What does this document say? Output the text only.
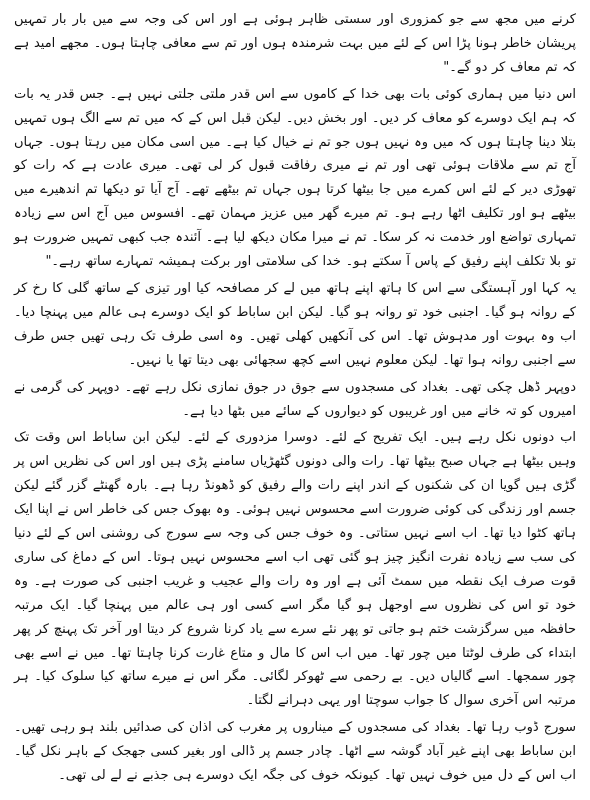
کرنے میں مجھ سے جو کمزوری اور سستی ظاہر ہوئی ہے اور اس کی وجہ سے میں بار بار تمہیں پریشان خاطر ہونا پڑا اس کے لئے میں بہت شرمندہ ہوں اور تم سے معافی چاہتا ہوں۔ مجھے امید ہے کہ تم معاف کر دو گے۔"

اس دنیا میں ہماری کوئی بات بھی خدا کے کاموں سے اس قدر ملتی جلتی نہیں ہے۔ جس قدر یہ بات کہ ہم ایک دوسرے کو معاف کر دیں۔ اور بخش دیں۔ لیکن قبل اس کے کہ میں تم سے الگ ہوں تمہیں بتلا دینا چاہتا ہوں کہ میں وہ نہیں ہوں جو تم نے خیال کیا ہے۔ میں اسی مکان میں رہتا ہوں۔ جہاں آج تم سے ملاقات ہوئی تھی اور تم نے میری رفاقت قبول کر لی تھی۔ میری عادت ہے کہ رات کو تھوڑی دیر کے لئے اس کمرے میں جا بیٹھا کرتا ہوں جہاں تم بیٹھے تھے۔ آج آیا تو دیکھا تم اندھیرے میں بیٹھے ہو اور تکلیف اٹھا رہے ہو۔ تم میرے گھر میں عزیز مہمان تھے۔ افسوس میں آج اس سے زیادہ تمہاری تواضع اور خدمت نہ کر سکا۔ تم نے میرا مکان دیکھ لیا ہے۔ آئندہ جب کبھی تمہیں ضرورت ہو تو بلا تکلف اپنے رفیق کے پاس آ سکتے ہو۔ خدا کی سلامتی اور برکت ہمیشہ تمہارے ساتھ رہے۔"

یہ کہا اور آہستگی سے اس کا ہاتھ اپنے ہاتھ میں لے کر مصافحہ کیا اور تیزی کے ساتھ گلی کا رخ کر کے روانہ ہو گیا۔ اجنبی خود تو روانہ ہو گیا۔ لیکن ابن ساباط کو ایک دوسرے ہی عالم میں پہنچا دیا۔ اب وہ بہوت اور مدہوش تھا۔ اس کی آنکھیں کھلی تھیں۔ وہ اسی طرف تک رہی تھیں جس طرف سے اجنبی روانہ ہوا تھا۔ لیکن معلوم نہیں اسے کچھ سجھائی بھی دیتا تھا یا نہیں۔

دوپہر ڈھل چکی تھی۔ بغداد کی مسجدوں سے جوق در جوق نمازی نکل رہے تھے۔ دوپہر کی گرمی نے امیروں کو تہ خانے میں اور غریبوں کو دیواروں کے سائے میں بٹھا دیا ہے۔

اب دونوں نکل رہے ہیں۔ ایک تفریح کے لئے۔ دوسرا مزدوری کے لئے۔ لیکن ابن ساباط اس وقت تک وہیں بیٹھا ہے جہاں صبح بیٹھا تھا۔ رات والی دونوں گٹھڑیاں سامنے پڑی ہیں اور اس کی نظریں اس پر گڑی ہیں گویا ان کی شکنوں کے اندر اپنے رات والے رفیق کو ڈھونڈ رہا ہے۔ بارہ گھنٹے گزر گئے لیکن جسم اور زندگی کی کوئی ضرورت اسے محسوس نہیں ہوئی۔ وہ بھوک جس کی خاطر اس نے اپنا ایک ہاتھ کٹوا دیا تھا۔ اب اسے نہیں ستاتی۔ وہ خوف جس کی وجہ سے سورج کی روشنی اس کے لئے دنیا کی سب سے زیادہ نفرت انگیز چیز ہو گئی تھی اب اسے محسوس نہیں ہوتا۔ اس کے دماغ کی ساری قوت صرف ایک نقطہ میں سمٹ آئی ہے اور وہ رات والے عجیب و غریب اجنبی کی صورت ہے۔ وہ خود تو اس کی نظروں سے اوجھل ہو گیا مگر اسے کسی اور ہی عالم میں پہنچا گیا۔ ایک مرتبہ حافظہ میں سرگزشت ختم ہو جاتی تو پھر نئے سرے سے یاد کرنا شروع کر دیتا اور آخر تک پہنچ کر پھر ابتداء کی طرف لوٹتا میں چور تھا۔ میں اب اس کا مال و متاع غارت کرنا چاہتا تھا۔ میں نے اسے بھی چور سمجھا۔ اسے گالیاں دیں۔ بے رحمی سے ٹھوکر لگائی۔ مگر اس نے میرے ساتھ کیا سلوک کیا۔ ہر مرتبہ اس آخری سوال کا جواب سوچتا اور یہی دہرانے لگتا۔

سورج ڈوب رہا تھا۔ بغداد کی مسجدوں کے میناروں پر مغرب کی اذان کی صدائیں بلند ہو رہی تھیں۔ ابن ساباط بھی اپنے غیر آباد گوشہ سے اٹھا۔ چادر جسم پر ڈالی اور بغیر کسی جھجک کے باہر نکل گیا۔ اب اس کے دل میں خوف نہیں تھا۔ کیونکہ خوف کی جگہ ایک دوسرے ہی جذبے نے لے لی تھی۔
